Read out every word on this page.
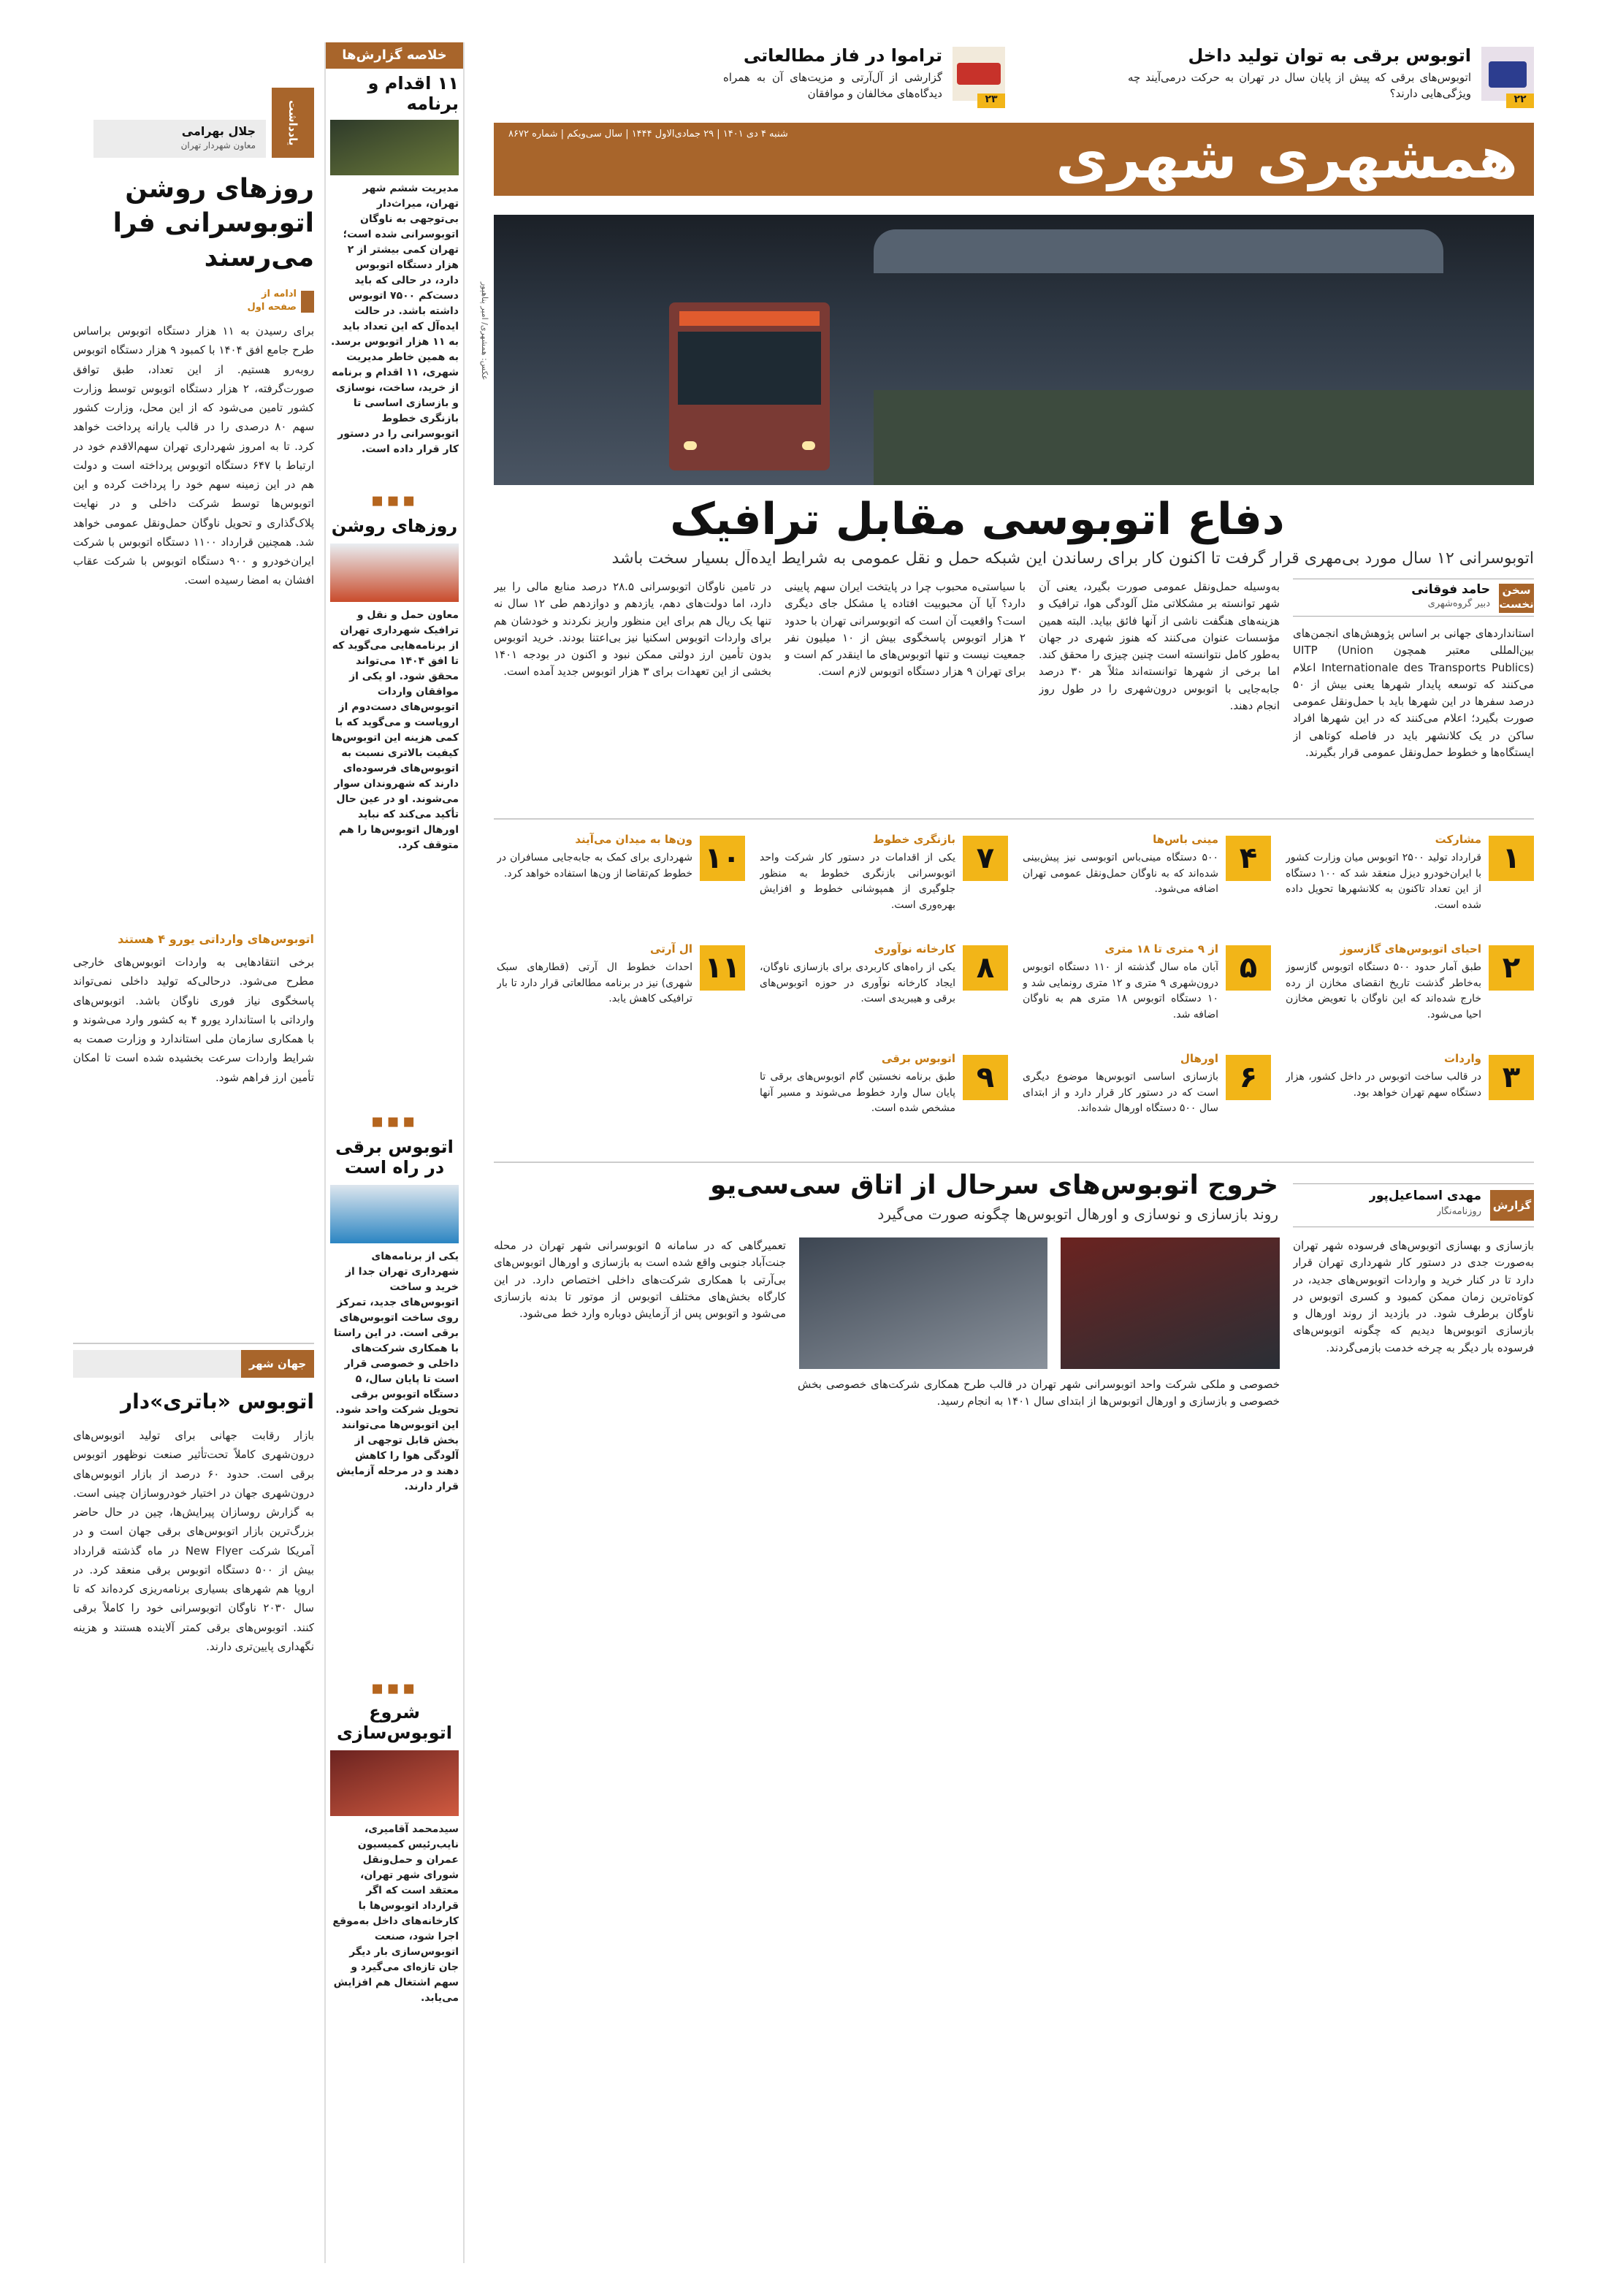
۲۲
اتوبوس برقی به توان تولید داخل
اتوبوس‌های برقی که پیش از پایان سال در تهران به حرکت درمی‌آیند چه ویژگی‌هایی دارند؟
۲۳
تراموا در فاز مطالعاتی
گزارشی از آل‌آرتی و مزیت‌های آن به همراه دیدگاه‌های مخالفان و موافقان
همشهری شهری
شنبه ۴ دی ۱۴۰۱ | ۲۹ جمادی‌الاول ۱۴۴۴ | سال سی‌ویکم | شماره ۸۶۷۲
عکس: همشهری/ امیر پناهپور
دفاع اتوبوسی مقابل ترافیک
اتوبوسرانی ۱۲ سال مورد بی‌مهری قرار گرفت تا اکنون کار برای رساندن این شبکه حمل و نقل عمومی به شرایط ایده‌آل بسیار سخت باشد
سخن نخست
حامد فوقانی
دبیر گروه‌شهری
استانداردهای جهانی بر اساس پژوهش‌های انجمن‌های بین‌المللی معتبر همچون UITP (Union Internationale des Transports Publics) اعلام می‌کنند که توسعه پایدار شهرها یعنی بیش از ۵۰ درصد سفرها در این شهرها باید با حمل‌ونقل عمومی صورت بگیرد؛ اعلام می‌کنند که در این شهرها افراد ساکن در یک کلانشهر باید در فاصله کوتاهی از ایستگاه‌ها و خطوط حمل‌ونقل عمومی قرار بگیرند.
به‌وسیله حمل‌ونقل عمومی صورت بگیرد، یعنی آن شهر توانسته بر مشکلاتی مثل آلودگی هوا، ترافیک و هزینه‌های هنگفت ناشی از آنها فائق بیاید. البته همین مؤسسات عنوان می‌کنند که هنوز شهری در جهان به‌طور کامل نتوانسته است چنین چیزی را محقق کند. اما برخی از شهرها توانسته‌اند مثلاً هر ۳۰ درصد جابه‌جایی با اتوبوس درون‌شهری را در طول روز انجام دهند.
با سیاستی‌ه محبوب چرا در پایتخت ایران سهم پایینی دارد؟ آیا آن محبوبیت افتاده یا مشکل جای دیگری است؟ واقعیت آن است که اتوبوسرانی تهران با حدود ۲ هزار اتوبوس پاسخگوی بیش از ۱۰ میلیون نفر جمعیت نیست و تنها اتوبوس‌های ما اینقدر کم است و برای تهران ۹ هزار دستگاه اتوبوس لازم است.
در تامین ناوگان اتوبوسرانی ۲۸.۵ درصد منابع مالی را بیر دارد، اما دولت‌های دهم، یازدهم و دوازدهم طی ۱۲ سال نه تنها یک ریال هم برای این منظور واریز نکردند و خودشان هم برای واردات اتوبوس اسکنیا نیز بی‌اعتنا بودند. خرید اتوبوس بدون تأمین ارز دولتی ممکن نبود و اکنون در بودجه ۱۴۰۱ بخشی از این تعهدات برای ۳ هزار اتوبوس جدید آمده است.
۱
مشارکت
قرارداد تولید ۲۵۰۰ اتوبوس میان وزارت کشور با ایران‌خودرو دیزل منعقد شد که ۱۰۰ دستگاه از این تعداد تاکنون به کلانشهرها تحویل داده شده است.
۲
احیای اتوبوس‌های گازسوز
طبق آمار حدود ۵۰۰ دستگاه اتوبوس گازسوز به‌خاطر گذشت تاریخ انقضای مخازن از رده خارج شده‌اند که این ناوگان با تعویض مخازن احیا می‌شود.
۳
واردات
در قالب ساخت اتوبوس در داخل کشور، هزار دستگاه سهم تهران خواهد بود.
۴
مینی باس‌ها
۵۰۰ دستگاه مینی‌باس اتوبوسی نیز پیش‌بینی شده‌اند که به ناوگان حمل‌ونقل عمومی تهران اضافه می‌شود.
۵
از ۹ متری تا ۱۸ متری
آبان ماه سال گذشته از ۱۱۰ دستگاه اتوبوس درون‌شهری ۹ متری و ۱۲ متری رونمایی شد و ۱۰ دستگاه اتوبوس ۱۸ متری هم به ناوگان اضافه شد.
۶
اورهال
بازسازی اساسی اتوبوس‌ها موضوع دیگری است که در دستور کار قرار دارد و از ابتدای سال ۵۰۰ دستگاه اورهال شده‌اند.
۷
بازنگری خطوط
یکی از اقدامات در دستور کار شرکت واحد اتوبوسرانی بازنگری خطوط به منظور جلوگیری از همپوشانی خطوط و افزایش بهره‌وری است.
۸
کارخانه نوآوری
یکی از راه‌های کاربردی برای بازسازی ناوگان، ایجاد کارخانه نوآوری در حوزه اتوبوس‌های برقی و هیبریدی است.
۹
اتوبوس برقی
طبق برنامه نخستین گام اتوبوس‌های برقی تا پایان سال وارد خطوط می‌شوند و مسیر آنها مشخص شده است.
۱۰
ون‌ها به میدان می‌آیند
شهرداری برای کمک به جابه‌جایی مسافران در خطوط کم‌تقاضا از ون‌ها استفاده خواهد کرد.
۱۱
ال آرتی
احداث خطوط ال آرتی (قطارهای سبک شهری) نیز در برنامه مطالعاتی قرار دارد تا بار ترافیکی کاهش یابد.
گزارش
مهدی اسماعیل‌پور
روزنامه‌نگار
خروج اتوبوس‌های سرحال از اتاق سی‌سی‌یو
روند بازسازی و نوسازی و اورهال اتوبوس‌ها چگونه صورت می‌گیرد
بازسازی و بهسازی اتوبوس‌های فرسوده شهر تهران به‌صورت جدی در دستور کار شهرداری تهران قرار دارد تا در کنار خرید و واردات اتوبوس‌های جدید، در کوتاه‌ترین زمان ممکن کمبود و کسری اتوبوس در ناوگان برطرف شود. در بازدید از روند اورهال و بازسازی اتوبوس‌ها دیدیم که چگونه اتوبوس‌های فرسوده بار دیگر به چرخه خدمت بازمی‌گردند.
خصوصی و ملکی شرکت واحد اتوبوسرانی شهر تهران در قالب طرح همکاری شرکت‌های خصوصی بخش خصوصی و بازسازی و اورهال اتوبوس‌ها از ابتدای سال ۱۴۰۱ به انجام رسید.
تعمیرگاهی که در سامانه ۵ اتوبوسرانی شهر تهران در محله جنت‌آباد جنوبی واقع شده است به بازسازی و اورهال اتوبوس‌های بی‌آرتی با همکاری شرکت‌های داخلی اختصاص دارد. در این کارگاه بخش‌های مختلف اتوبوس از موتور تا بدنه بازسازی می‌شود و اتوبوس پس از آزمایش دوباره وارد خط می‌شود.
خلاصه گزارش‌ها
۱۱ اقدام و برنامه
مدیریت ششم شهر تهران، میراث‌دار بی‌توجهی به ناوگان اتوبوسرانی شده است؛ تهران کمی بیشتر از ۲ هزار دستگاه اتوبوس دارد، در حالی که باید دست‌کم ۷۵۰۰ اتوبوس داشته باشد. در حالت ایده‌آل که این تعداد باید به ۱۱ هزار اتوبوس برسد. به همین خاطر مدیریت شهری، ۱۱ اقدام و برنامه از خرید، ساخت، نوسازی و بازسازی اساسی تا بازنگری خطوط اتوبوسرانی را در دستور کار قرار داده است.
▪▪▪
روزهای روشن
معاون حمل و نقل و ترافیک شهرداری تهران از برنامه‌هایی می‌گوید که تا افق ۱۴۰۴ می‌تواند محقق شود. او یکی از موافقان واردات اتوبوس‌های دست‌دوم از اروپاست و می‌گوید که با کمی هزینه این اتوبوس‌ها کیفیت بالاتری نسبت به اتوبوس‌های فرسوده‌ای دارند که شهروندان سوار می‌شوند. او در عین حال تأکید می‌کند که نباید اورهال اتوبوس‌ها را هم متوقف کرد.
▪▪▪
اتوبوس برقی در راه است
یکی از برنامه‌های شهرداری تهران جدا از خرید و ساخت اتوبوس‌های جدید، تمرکز روی ساخت اتوبوس‌های برقی است. در این راستا با همکاری شرکت‌های داخلی و خصوصی قرار است تا پایان سال، ۵ دستگاه اتوبوس برقی تحویل شرکت واحد شود. این اتوبوس‌ها می‌توانند بخش قابل توجهی از آلودگی هوا را کاهش دهند و در مرحله آزمایش قرار دارند.
▪▪▪
شروع اتوبوس‌سازی
سیدمحمد آقامیری، نایب‌رئیس کمیسیون عمران و حمل‌ونقل شورای شهر تهران، معتقد است که اگر قرارداد اتوبوس‌ها با کارخانه‌های داخل به‌موقع اجرا شود، صنعت اتوبوس‌سازی بار دیگر جان تازه‌ای می‌گیرد و سهم اشتغال هم افزایش می‌یابد.
یادداشت
جلال بهرامی
معاون شهردار تهران
روزهای روشن اتوبوسرانی فرا می‌رسند
ادامه از صفحه اول
برای رسیدن به ۱۱ هزار دستگاه اتوبوس براساس طرح جامع افق ۱۴۰۴ با کمبود ۹ هزار دستگاه اتوبوس روبه‌رو هستیم. از این تعداد، طبق توافق صورت‌گرفته، ۲ هزار دستگاه اتوبوس توسط وزارت کشور تامین می‌شود که از این محل، وزارت کشور سهم ۸۰ درصدی را در قالب یارانه پرداخت خواهد کرد. تا به امروز شهرداری تهران سهم‌الاقدم خود در ارتباط با ۶۴۷ دستگاه اتوبوس پرداخته است و دولت هم در این زمینه سهم خود را پرداخت کرده و این اتوبوس‌ها توسط شرکت داخلی و در نهایت پلاک‌گذاری و تحویل ناوگان حمل‌ونقل عمومی خواهد شد. همچنین قرارداد ۱۱۰۰ دستگاه اتوبوس با شرکت ایران‌خودرو و ۹۰۰ دستگاه اتوبوس با شرکت عقاب افشان به امضا رسیده است.
اتوبوس‌های وارداتی یورو ۴ هستند
برخی انتقادهایی به واردات اتوبوس‌های خارجی مطرح می‌شود. درحالی‌که تولید داخلی نمی‌تواند پاسخگوی نیاز فوری ناوگان باشد. اتوبوس‌های وارداتی با استاندارد یورو ۴ به کشور وارد می‌شوند و با همکاری سازمان ملی استاندارد و وزارت صمت به شرایط واردات سرعت بخشیده شده است تا امکان تأمین ارز فراهم شود.
جهان شهر
اتوبوس «باتری»دار
بازار رقابت جهانی برای تولید اتوبوس‌های درون‌شهری کاملاً تحت‌تأثیر صنعت نوظهور اتوبوس برقی است. حدود ۶۰ درصد از بازار اتوبوس‌های درون‌شهری جهان در اختیار خودروسازان چینی است. به گزارش روسازان پیرایش‌ها، چین در حال حاضر بزرگ‌ترین بازار اتوبوس‌های برقی جهان است و در آمریکا شرکت New Flyer در ماه گذشته قرارداد بیش از ۵۰۰ دستگاه اتوبوس برقی منعقد کرد. در اروپا هم شهرهای بسیاری برنامه‌ریزی کرده‌اند که تا سال ۲۰۳۰ ناوگان اتوبوسرانی خود را کاملاً برقی کنند. اتوبوس‌های برقی کمتر آلاینده هستند و هزینه نگهداری پایین‌تری دارند.
